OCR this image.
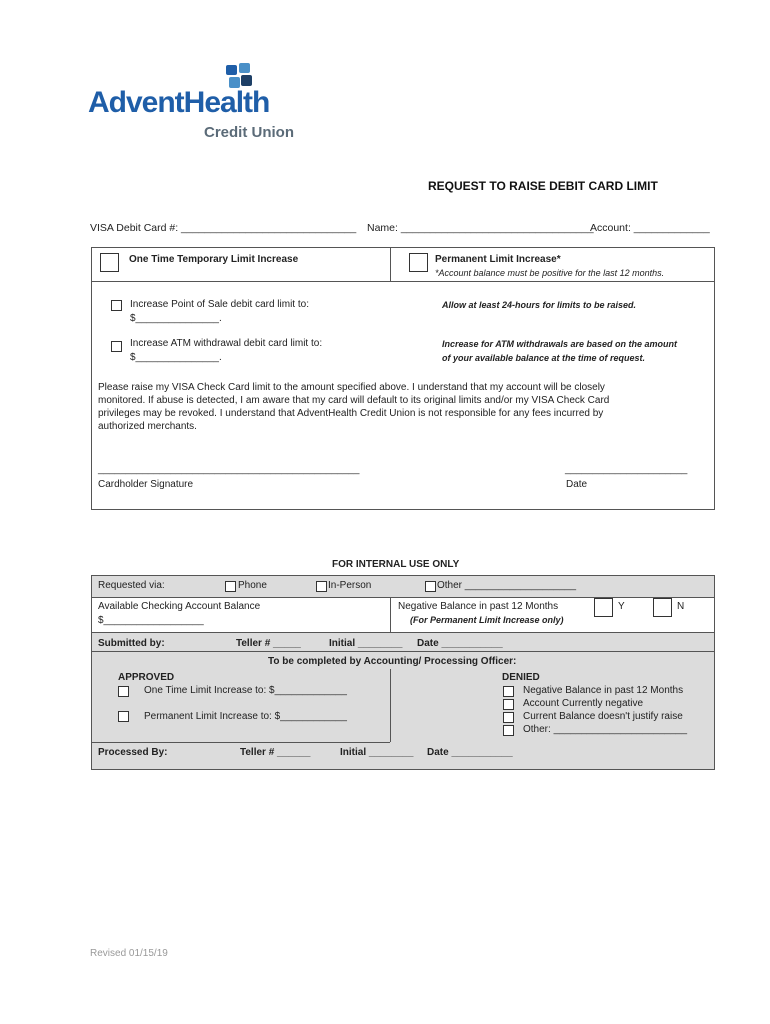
AdventHealth
Credit Union
REQUEST TO RAISE DEBIT CARD LIMIT
VISA Debit Card #: ______________________________ Name: _________________________________
Account: _____________
One Time Temporary Limit Increase	Permanent Limit Increase*
*Account balance must be positive for the last 12 months.
Increase Point of Sale debit card limit to:
$_______________.
Allow at least 24-hours for limits to be raised.
Increase ATM withdrawal debit card limit to:
$_______________.
Increase for ATM withdrawals are based on the amount
of your available balance at the time of request.
Please raise my VISA Check Card limit to the amount specified above. I understand that my account will be closely
monitored. If abuse is detected, I am aware that my card will default to its original limits and/or my VISA Check Card
privileges may be revoked. I understand that AdventHealth Credit Union is not responsible for any fees incurred by
authorized merchants.
_______________________________________________
Cardholder Signature
______________________
Date
FOR INTERNAL USE ONLY
Requested via:	Phone	In-Person	Other ____________________
Available Checking Account Balance
$__________________
Negative Balance in past 12 Months
(For Permanent Limit Increase only)
Y	N
Submitted by:	Teller # _____	Initial ________ Date ___________
To be completed by Accounting/ Processing Officer:
APPROVED
One Time Limit Increase to: $_____________
Permanent Limit Increase to: $____________
DENIED
Negative Balance in past 12 Months
Account Currently negative
Current Balance doesn't justify raise
Other: ________________________
Processed By:	Teller # ______	Initial ________ Date ___________
Revised 01/15/19
